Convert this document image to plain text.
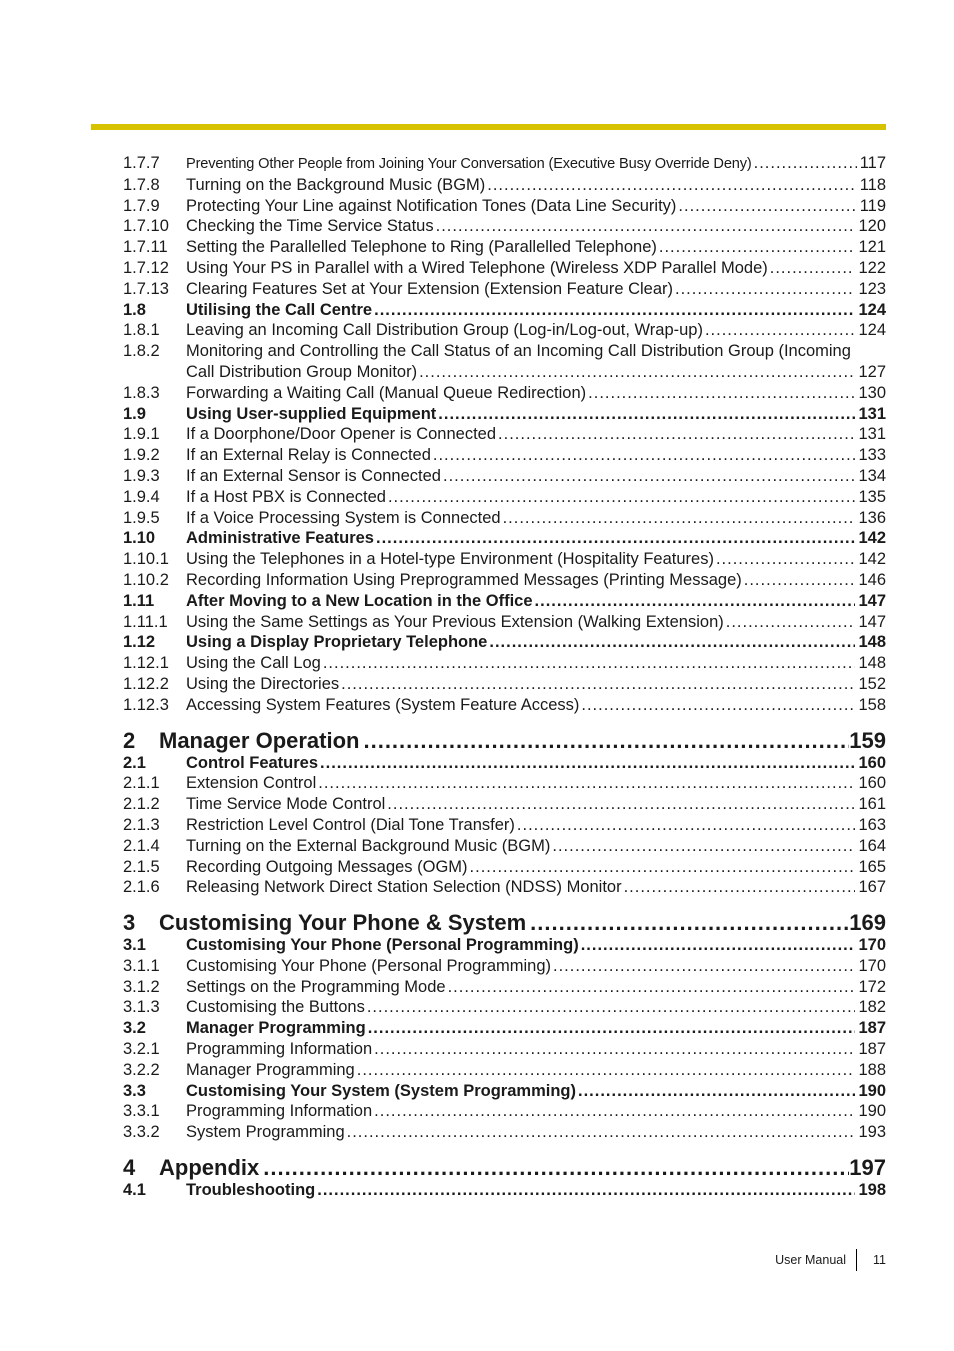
1.7.7	Preventing Other People from Joining Your Conversation (Executive Busy Override Deny) .....	117
1.7.8	Turning on the Background Music (BGM) .....	118
1.7.9	Protecting Your Line against Notification Tones (Data Line Security) .....	119
1.7.10	Checking the Time Service Status .....	120
1.7.11	Setting the Parallelled Telephone to Ring (Parallelled Telephone) .....	121
1.7.12	Using Your PS in Parallel with a Wired Telephone (Wireless XDP Parallel Mode) .....	122
1.7.13	Clearing Features Set at Your Extension (Extension Feature Clear) .....	123
1.8	Utilising the Call Centre .....	124
1.8.1	Leaving an Incoming Call Distribution Group (Log-in/Log-out, Wrap-up) .....	124
1.8.2	Monitoring and Controlling the Call Status of an Incoming Call Distribution Group (Incoming
Call Distribution Group Monitor) .....	127
1.8.3	Forwarding a Waiting Call (Manual Queue Redirection) .....	130
1.9	Using User-supplied Equipment .....	131
1.9.1	If a Doorphone/Door Opener is Connected .....	131
1.9.2	If an External Relay is Connected .....	133
1.9.3	If an External Sensor is Connected .....	134
1.9.4	If a Host PBX is Connected .....	135
1.9.5	If a Voice Processing System is Connected .....	136
1.10	Administrative Features .....	142
1.10.1	Using the Telephones in a Hotel-type Environment (Hospitality Features) .....	142
1.10.2	Recording Information Using Preprogrammed Messages (Printing Message) .....	146
1.11	After Moving to a New Location in the Office .....	147
1.11.1	Using the Same Settings as Your Previous Extension (Walking Extension) .....	147
1.12	Using a Display Proprietary Telephone .....	148
1.12.1	Using the Call Log .....	148
1.12.2	Using the Directories .....	152
1.12.3	Accessing System Features (System Feature Access) .....	158
2	Manager Operation .....	159
2.1	Control Features .....	160
2.1.1	Extension Control .....	160
2.1.2	Time Service Mode Control .....	161
2.1.3	Restriction Level Control (Dial Tone Transfer) .....	163
2.1.4	Turning on the External Background Music (BGM) .....	164
2.1.5	Recording Outgoing Messages (OGM) .....	165
2.1.6	Releasing Network Direct Station Selection (NDSS) Monitor .....	167
3	Customising Your Phone & System .....	169
3.1	Customising Your Phone (Personal Programming) .....	170
3.1.1	Customising Your Phone (Personal Programming) .....	170
3.1.2	Settings on the Programming Mode .....	172
3.1.3	Customising the Buttons .....	182
3.2	Manager Programming .....	187
3.2.1	Programming Information .....	187
3.2.2	Manager Programming .....	188
3.3	Customising Your System (System Programming) .....	190
3.3.1	Programming Information .....	190
3.3.2	System Programming .....	193
4	Appendix .....	197
4.1	Troubleshooting .....	198
User Manual 11
